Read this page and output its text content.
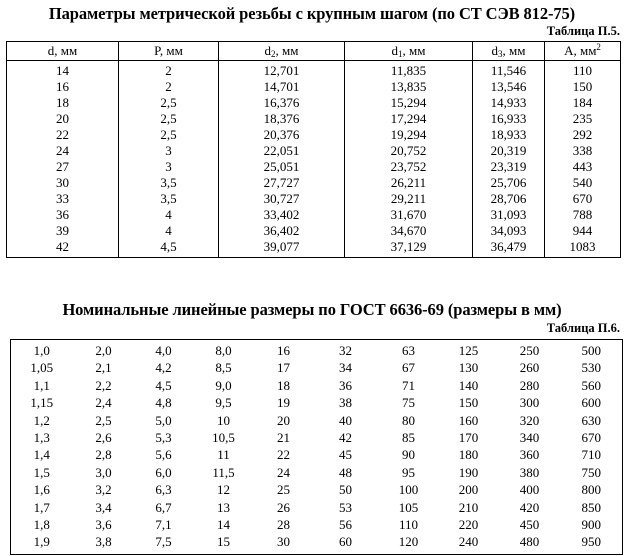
Параметры метрической резьбы с крупным шагом (по СТ СЭВ 812-75)
Таблица П.5.
d, мм	P, мм	$d_2$, мм	$d_1$, мм	$d_3$, мм	A, $мм^2$
14	2	12,701	11,835	11,546	110
16	2	14,701	13,835	13,546	150
18	2,5	16,376	15,294	14,933	184
20	2,5	18,376	17,294	16,933	235
22	2,5	20,376	19,294	18,933	292
24	3	22,051	20,752	20,319	338
27	3	25,051	23,752	23,319	443
30	3,5	27,727	26,211	25,706	540
33	3,5	30,727	29,211	28,706	670
36	4	33,402	31,670	31,093	788
39	4	36,402	34,670	34,093	944
42	4,5	39,077	37,129	36,479	1083
Номинальные линейные размеры по ГОСТ 6636-69 (размеры в мм)
Таблица П.6.
1,0	2,0	4,0	8,0	16	32	63	125	250	500
1,05	2,1	4,2	8,5	17	34	67	130	260	530
1,1	2,2	4,5	9,0	18	36	71	140	280	560
1,15	2,4	4,8	9,5	19	38	75	150	300	600
1,2	2,5	5,0	10	20	40	80	160	320	630
1,3	2,6	5,3	10,5	21	42	85	170	340	670
1,4	2,8	5,6	11	22	45	90	180	360	710
1,5	3,0	6,0	11,5	24	48	95	190	380	750
1,6	3,2	6,3	12	25	50	100	200	400	800
1,7	3,4	6,7	13	26	53	105	210	420	850
1,8	3,6	7,1	14	28	56	110	220	450	900
1,9	3,8	7,5	15	30	60	120	240	480	950
